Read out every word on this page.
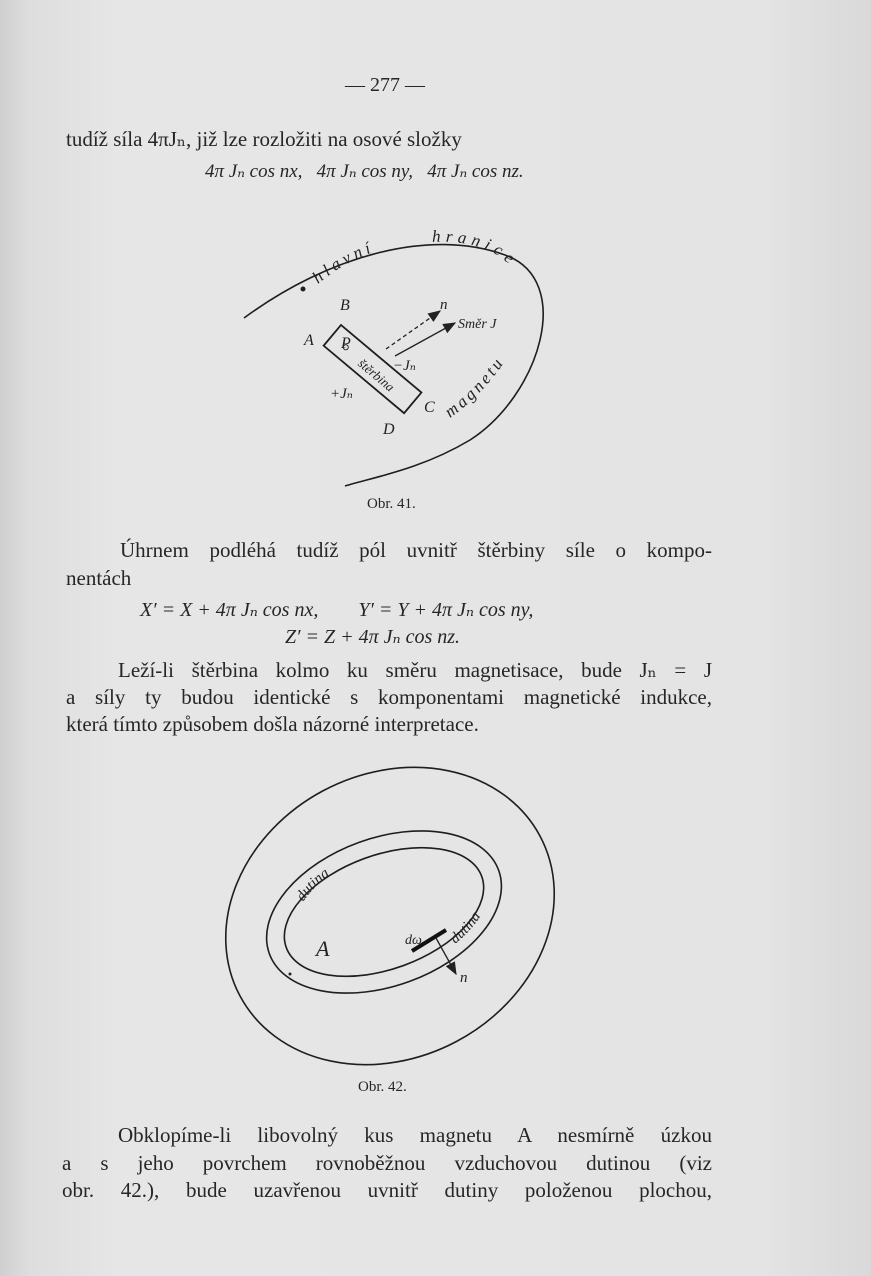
— 277 —
tudíž síla 4πJₙ, již lze rozložiti na osové složky
4π Jₙ cos nx,   4π Jₙ cos ny,   4π Jₙ cos nz.
hlavní
hranice
magnetu
štěrbina
P
A
B
C
D
+Jₙ
−Jₙ
n
Směr J
Obr. 41.
Úhrnem podléhá tudíž pól uvnitř štěrbiny síle o kompo-
nentách
X′ = X + 4π Jₙ cos nx,        Y′ = Y + 4π Jₙ cos ny,
Z′ = Z + 4π Jₙ cos nz.
Leží-li štěrbina kolmo ku směru magnetisace, bude Jₙ = J
a síly ty budou identické s komponentami magnetické indukce,
která tímto způsobem došla názorné interpretace.
dutina
dutina
A	dω
n
Obr. 42.
Obklopíme-li libovolný kus magnetu A nesmírně úzkou
a s jeho povrchem rovnoběžnou vzduchovou dutinou (viz
obr. 42.), bude uzavřenou uvnitř dutiny položenou plochou,
